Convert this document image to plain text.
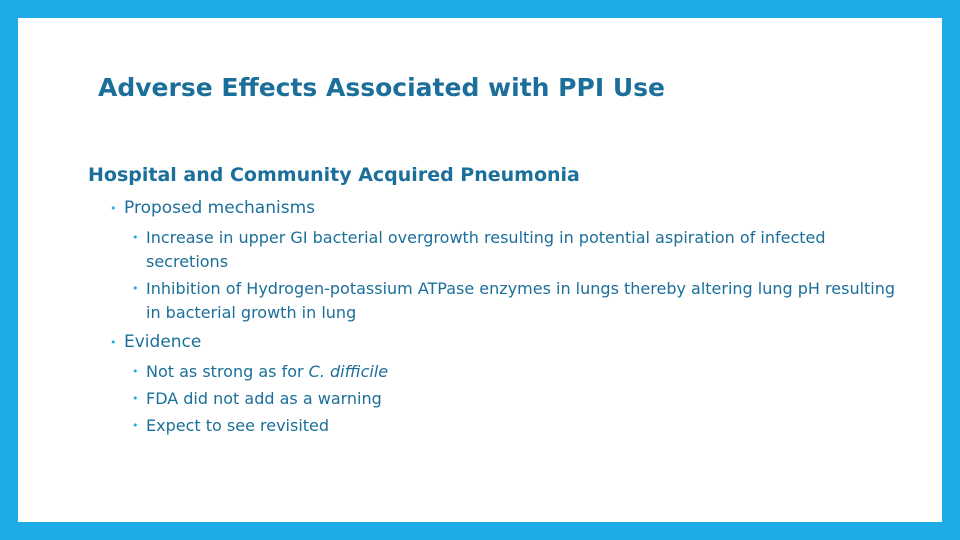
Adverse Effects Associated with PPI Use
Hospital and Community Acquired Pneumonia
• Proposed mechanisms
• Increase in upper GI bacterial overgrowth resulting in potential aspiration of infected secretions
• Inhibition of Hydrogen-potassium ATPase enzymes in lungs thereby altering lung pH resulting in bacterial growth in lung
• Evidence
• Not as strong as for C. difficile
• FDA did not add as a warning
• Expect to see revisited
